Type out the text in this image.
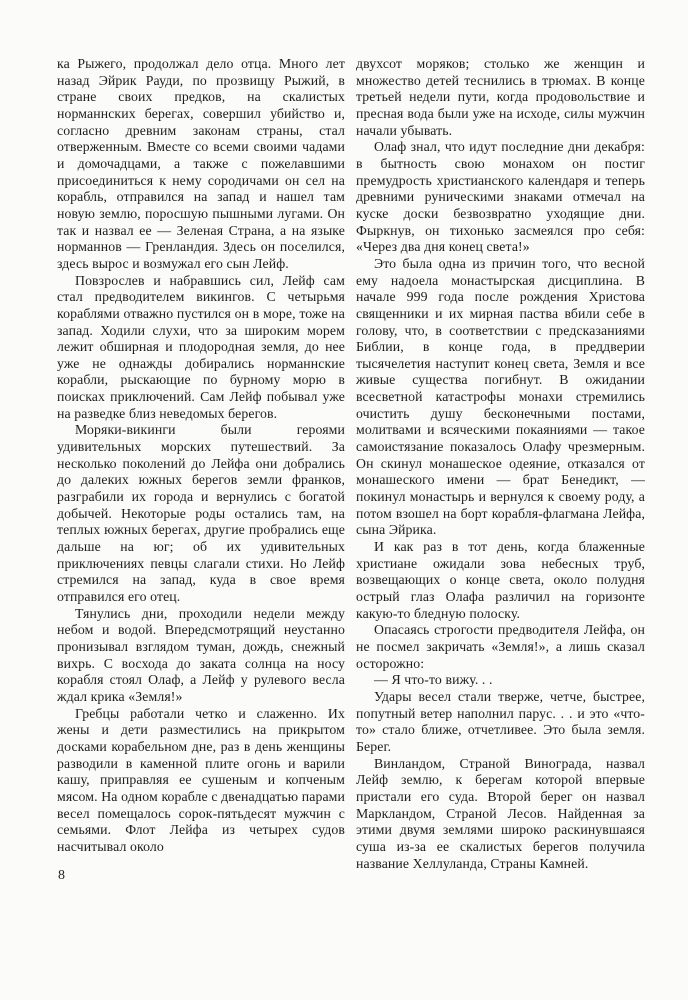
ка Рыжего, продолжал дело отца. Много лет назад Эйрик Рауди, по прозвищу Рыжий, в стране своих предков, на скалистых норманнских берегах, совершил убийство и, согласно древним законам страны, стал отверженным. Вместе со всеми своими чадами и домочадцами, а также с пожелавшими присоединиться к нему сородичами он сел на корабль, отправился на запад и нашел там новую землю, поросшую пышными лугами. Он так и назвал ее — Зеленая Страна, а на языке норманнов — Гренландия. Здесь он поселился, здесь вырос и возмужал его сын Лейф.

Повзрослев и набравшись сил, Лейф сам стал предводителем викингов. С четырьмя кораблями отважно пустился он в море, тоже на запад. Ходили слухи, что за широким морем лежит обширная и плодородная земля, до нее уже не однажды добирались норманнские корабли, рыскающие по бурному морю в поисках приключений. Сам Лейф побывал уже на разведке близ неведомых берегов.

Моряки-викинги были героями удивительных морских путешествий. За несколько поколений до Лейфа они добрались до далеких южных берегов земли франков, разграбили их города и вернулись с богатой добычей. Некоторые роды остались там, на теплых южных берегах, другие пробрались еще дальше на юг; об их удивительных приключениях певцы слагали стихи. Но Лейф стремился на запад, куда в свое время отправился его отец.

Тянулись дни, проходили недели между небом и водой. Впередсмотрящий неустанно пронизывал взглядом туман, дождь, снежный вихрь. С восхода до заката солнца на носу корабля стоял Олаф, а Лейф у рулевого весла ждал крика «Земля!»

Гребцы работали четко и слаженно. Их жены и дети разместились на прикрытом досками корабельном дне, раз в день женщины разводили в каменной плите огонь и варили кашу, приправляя ее сушеным и копченым мясом. На одном корабле с двенадцатью парами весел помещалось сорок-пятьдесят мужчин с семьями. Флот Лейфа из четырех судов насчитывал около

двухсот моряков; столько же женщин и множество детей теснились в трюмах. В конце третьей недели пути, когда продовольствие и пресная вода были уже на исходе, силы мужчин начали убывать.

Олаф знал, что идут последние дни декабря: в бытность свою монахом он постиг премудрость христианского календаря и теперь древними руническими знаками отмечал на куске доски безвозвратно уходящие дни. Фыркнув, он тихонько засмеялся про себя: «Через два дня конец света!»

Это была одна из причин того, что весной ему надоела монастырская дисциплина. В начале 999 года после рождения Христова священники и их мирная паства вбили себе в голову, что, в соответствии с предсказаниями Библии, в конце года, в преддверии тысячелетия наступит конец света, Земля и все живые существа погибнут. В ожидании всесветной катастрофы монахи стремились очистить душу бесконечными постами, молитвами и всяческими покаяниями — такое самоистязание показалось Олафу чрезмерным. Он скинул монашеское одеяние, отказался от монашеского имени — брат Бенедикт, — покинул монастырь и вернулся к своему роду, а потом взошел на борт корабля-флагмана Лейфа, сына Эйрика.

И как раз в тот день, когда блаженные христиане ожидали зова небесных труб, возвещающих о конце света, около полудня острый глаз Олафа различил на горизонте какую-то бледную полоску.

Опасаясь строгости предводителя Лейфа, он не посмел закричать «Земля!», а лишь сказал осторожно:

— Я что-то вижу. . .

Удары весел стали тверже, четче, быстрее, попутный ветер наполнил парус. . . и это «что-то» стало ближе, отчетливее. Это была земля. Берег.

Винландом, Страной Винограда, назвал Лейф землю, к берегам которой впервые пристали его суда. Второй берег он назвал Маркландом, Страной Лесов. Найденная за этими двумя землями широко раскинувшаяся суша из-за ее скалистых берегов получила название Хеллуланда, Страны Камней.

8
